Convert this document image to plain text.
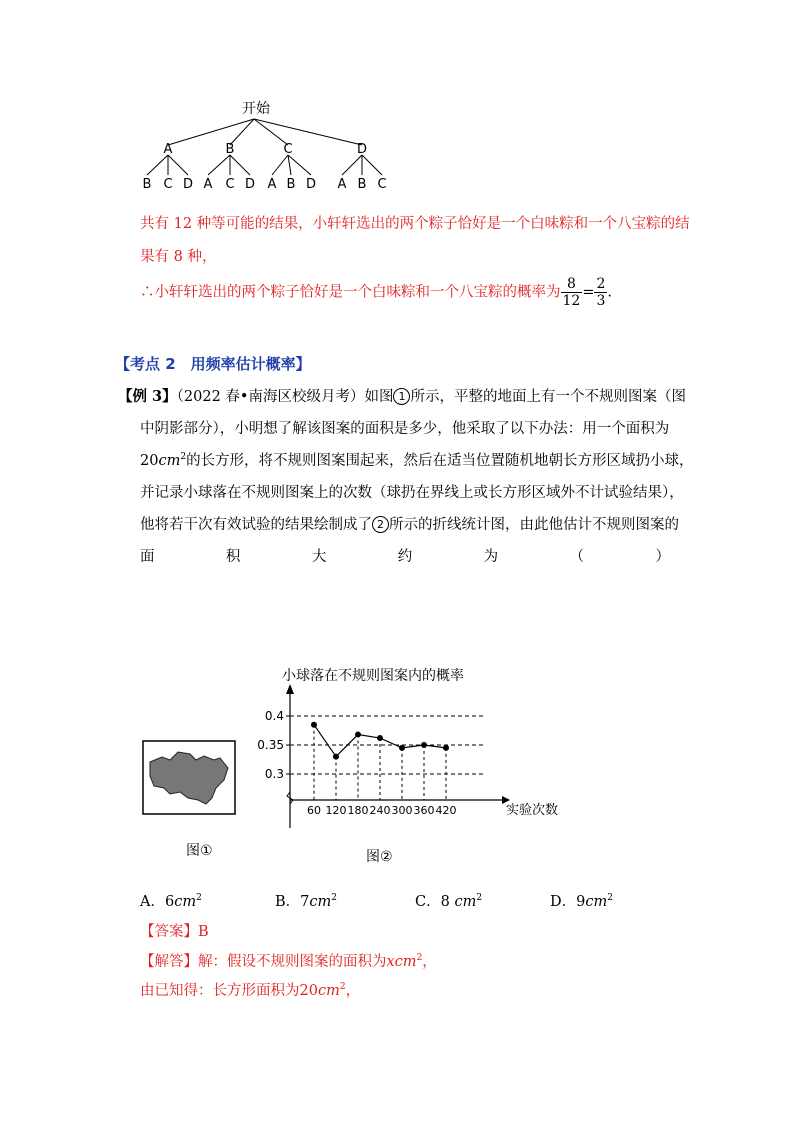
开始
A	B	C	D
B C D A C D A B D A B C
共有 12 种等可能的结果，小轩轩选出的两个粽子恰好是一个白味粽和一个八宝粽的结
果有 8 种，
∴小轩轩选出的两个粽子恰好是一个白味粽和一个八宝粽的概率为 $\frac{8}{12} = \frac{2}{3}$ .
【考点 2　用频率估计概率】
【例 3】（2022 春•南海区校级月考）如图 1 所示，平整的地面上有一个不规则图案（图
中阴影部分），小明想了解该图案的面积是多少，他采取了以下办法：用一个面积为
$20cm^2$的长方形，将不规则图案围起来，然后在适当位置随机地朝长方形区域扔小球，
并记录小球落在不规则图案上的次数（球扔在界线上或长方形区域外不计试验结果），
他将若干次有效试验的结果绘制成了 2 所示的折线统计图，由此他估计不规则图案的
面	积	大	约	为	（	）
图①
小球落在不规则图案内的概率
实验次数
0.3
0.35
0.4
60 120 180 240 300 360 420
图②
A．$6cm^2$	B．$7cm^2$	C．8 $cm^2$	D．$9cm^2$
【答案】B
【解答】解：假设不规则图案的面积为xcm$^2$，
由已知得：长方形面积为$20cm^2$，
